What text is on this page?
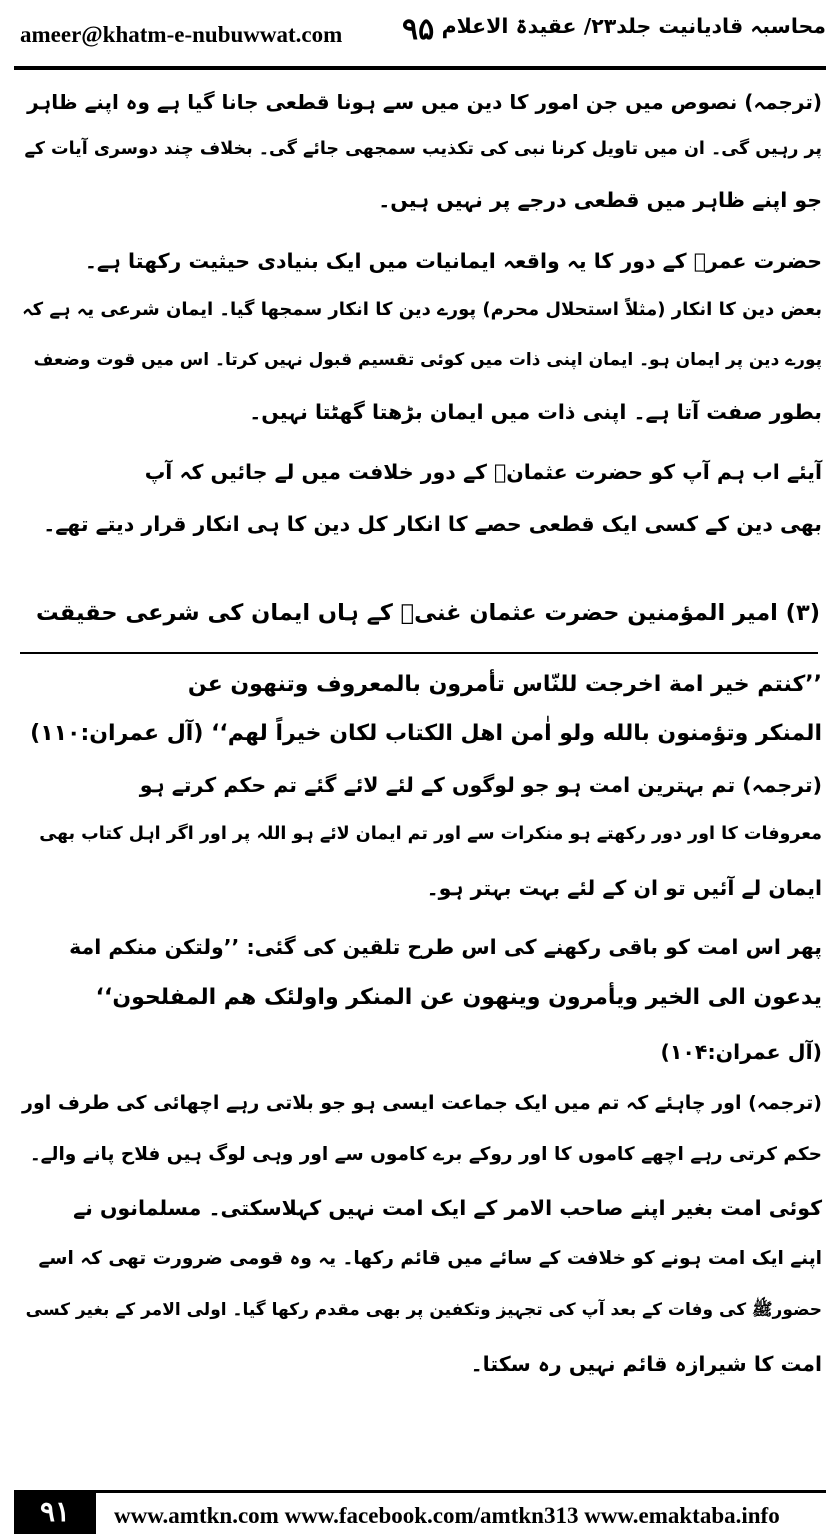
ameer@khatm-e-nubuwwat.com ۹۵ محاسبہ قادیانیت جلد۲۳/ عقیدۃ الاعلام
(ترجمہ) نصوص میں جن امور کا دین میں سے ہونا قطعی جانا گیا ہے وہ اپنے ظاہر
پر رہیں گی۔ ان میں تاویل کرنا نبی کی تکذیب سمجھی جائے گی۔ بخلاف چند دوسری آیات کے
جو اپنے ظاہر میں قطعی درجے پر نہیں ہیں۔
حضرت عمرؓ کے دور کا یہ واقعہ ایمانیات میں ایک بنیادی حیثیت رکھتا ہے۔
بعض دین کا انکار (مثلاً استحلال محرم) پورے دین کا انکار سمجھا گیا۔ ایمان شرعی یہ ہے کہ
پورے دین پر ایمان ہو۔ ایمان اپنی ذات میں کوئی تقسیم قبول نہیں کرتا۔ اس میں قوت وضعف
بطور صفت آتا ہے۔ اپنی ذات میں ایمان بڑھتا گھٹتا نہیں۔
آیئے اب ہم آپ کو حضرت عثمانؓ کے دور خلافت میں لے جائیں کہ آپ
بھی دین کے کسی ایک قطعی حصے کا انکار کل دین کا ہی انکار قرار دیتے تھے۔
(۳) امیر المؤمنین حضرت عثمان غنیؓ کے ہاں ایمان کی شرعی حقیقت
’’کنتم خیر امة اخرجت للنّاس تأمرون بالمعروف وتنهون عن
المنکر وتؤمنون بالله ولو اٰمن اهل الکتاب لکان خیراً لهم‘‘ (آل عمران:۱۱۰)
(ترجمہ) تم بہترین امت ہو جو لوگوں کے لئے لائے گئے تم حکم کرتے ہو
معروفات کا اور دور رکھتے ہو منکرات سے اور تم ایمان لائے ہو اللہ پر اور اگر اہل کتاب بھی
ایمان لے آئیں تو ان کے لئے بہت بہتر ہو۔
پھر اس امت کو باقی رکھنے کی اس طرح تلقین کی گئی: ’’ولتکن منکم امة
یدعون الی الخیر ویأمرون وینهون عن المنکر واولئک هم المفلحون‘‘
(آل عمران:۱۰۴)
(ترجمہ) اور چاہئے کہ تم میں ایک جماعت ایسی ہو جو بلاتی رہے اچھائی کی طرف اور
حکم کرتی رہے اچھے کاموں کا اور روکے برے کاموں سے اور وہی لوگ ہیں فلاح پانے والے۔
کوئی امت بغیر اپنے صاحب الامر کے ایک امت نہیں کہلاسکتی۔ مسلمانوں نے
اپنے ایک امت ہونے کو خلافت کے سائے میں قائم رکھا۔ یہ وہ قومی ضرورت تھی کہ اسے
حضورﷺ کی وفات کے بعد آپ کی تجہیز وتکفین پر بھی مقدم رکھا گیا۔ اولی الامر کے بغیر کسی
امت کا شیرازہ قائم نہیں رہ سکتا۔
۹۱	www.amtkn.com www.facebook.com/amtkn313 www.emaktaba.info
